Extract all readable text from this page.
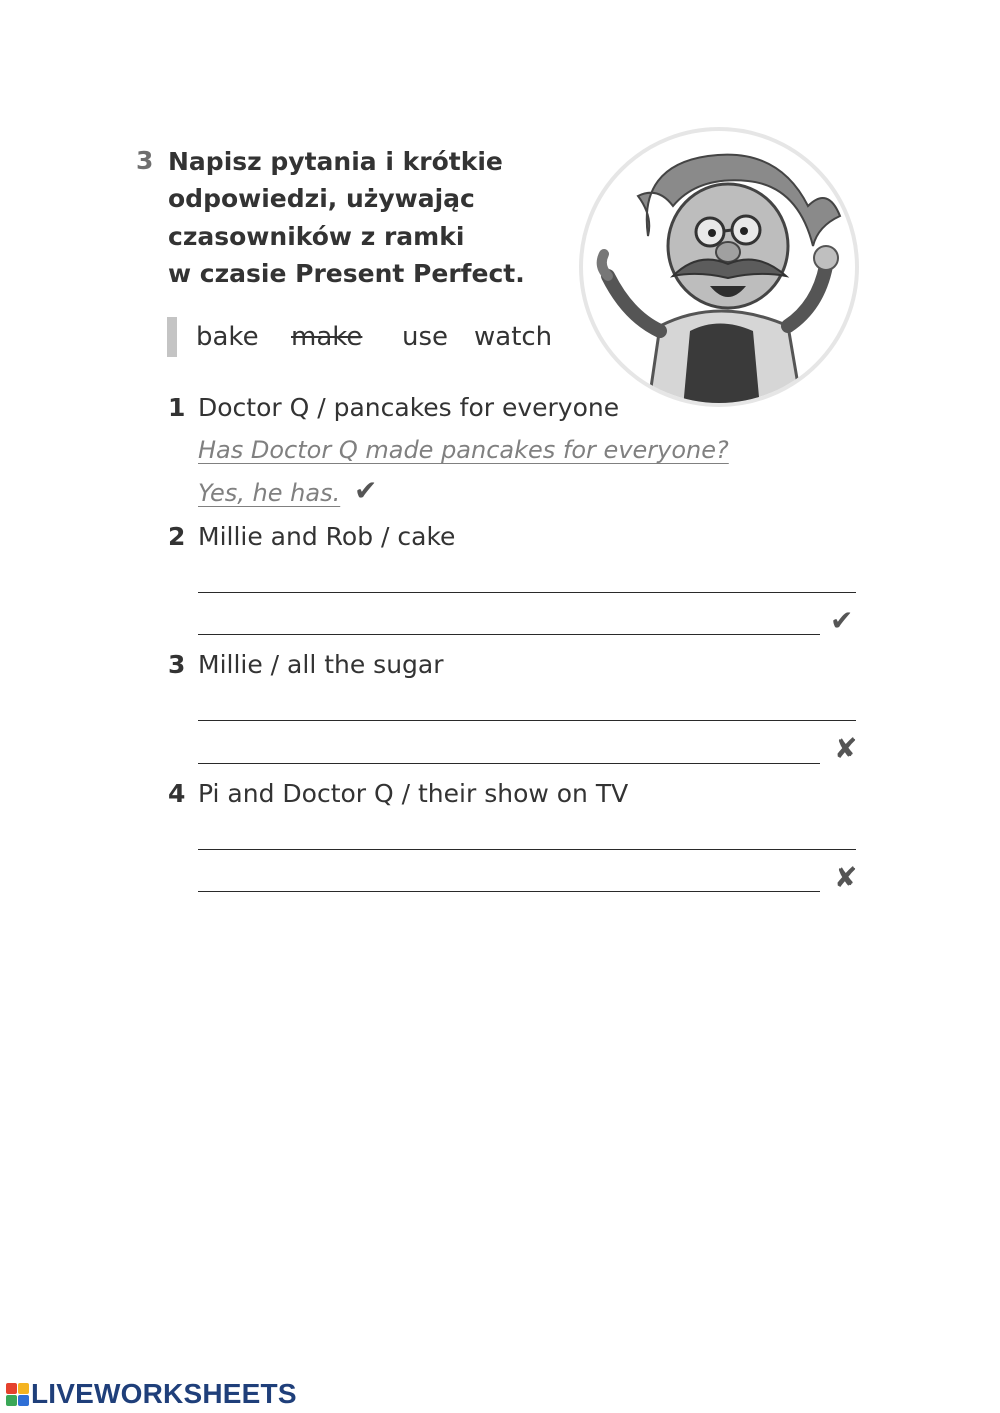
3 Napisz pytania i krótkie
odpowiedzi, używając
czasowników z ramki
w czasie Present Perfect.
bake make use watch
1 Doctor Q / pancakes for everyone
Has Doctor Q made pancakes for everyone?
Yes, he has. ✔
2 Millie and Rob / cake
✔
3 Millie / all the sugar
✘
4 Pi and Doctor Q / their show on TV
✘
LIVEWORKSHEETS
